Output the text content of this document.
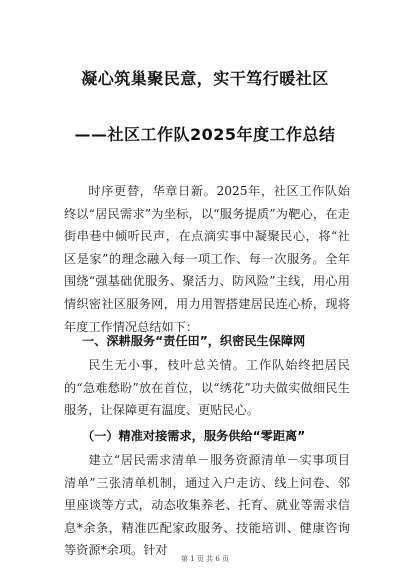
凝心筑巢聚民意，实干笃行暖社区
——社区工作队2025年度工作总结
时序更替，华章日新。2025年，社区工作队始终以“居民需求”为坐标，以“服务提质”为靶心，在走街串巷中倾听民声，在点滴实事中凝聚民心，将“社区是家”的理念融入每一项工作、每一次服务。全年围绕“强基础优服务、聚活力、防风险”主线，用心用情织密社区服务网，用力用智搭建居民连心桥，现将年度工作情况总结如下：
一、深耕服务“责任田”，织密民生保障网
民生无小事，枝叶总关情。工作队始终把居民的“急难愁盼”放在首位，以“绣花”功夫做实做细民生服务，让保障更有温度、更贴民心。
（一）精准对接需求，服务供给“零距离”
建立“居民需求清单－服务资源清单－实事项目清单”三张清单机制，通过入户走访、线上问卷、邻里座谈等方式，动态收集养老、托育、就业等需求信息*余条，精准匹配家政服务、技能培训、健康咨询等资源*余项。针对
第 1 页 共 6 页
